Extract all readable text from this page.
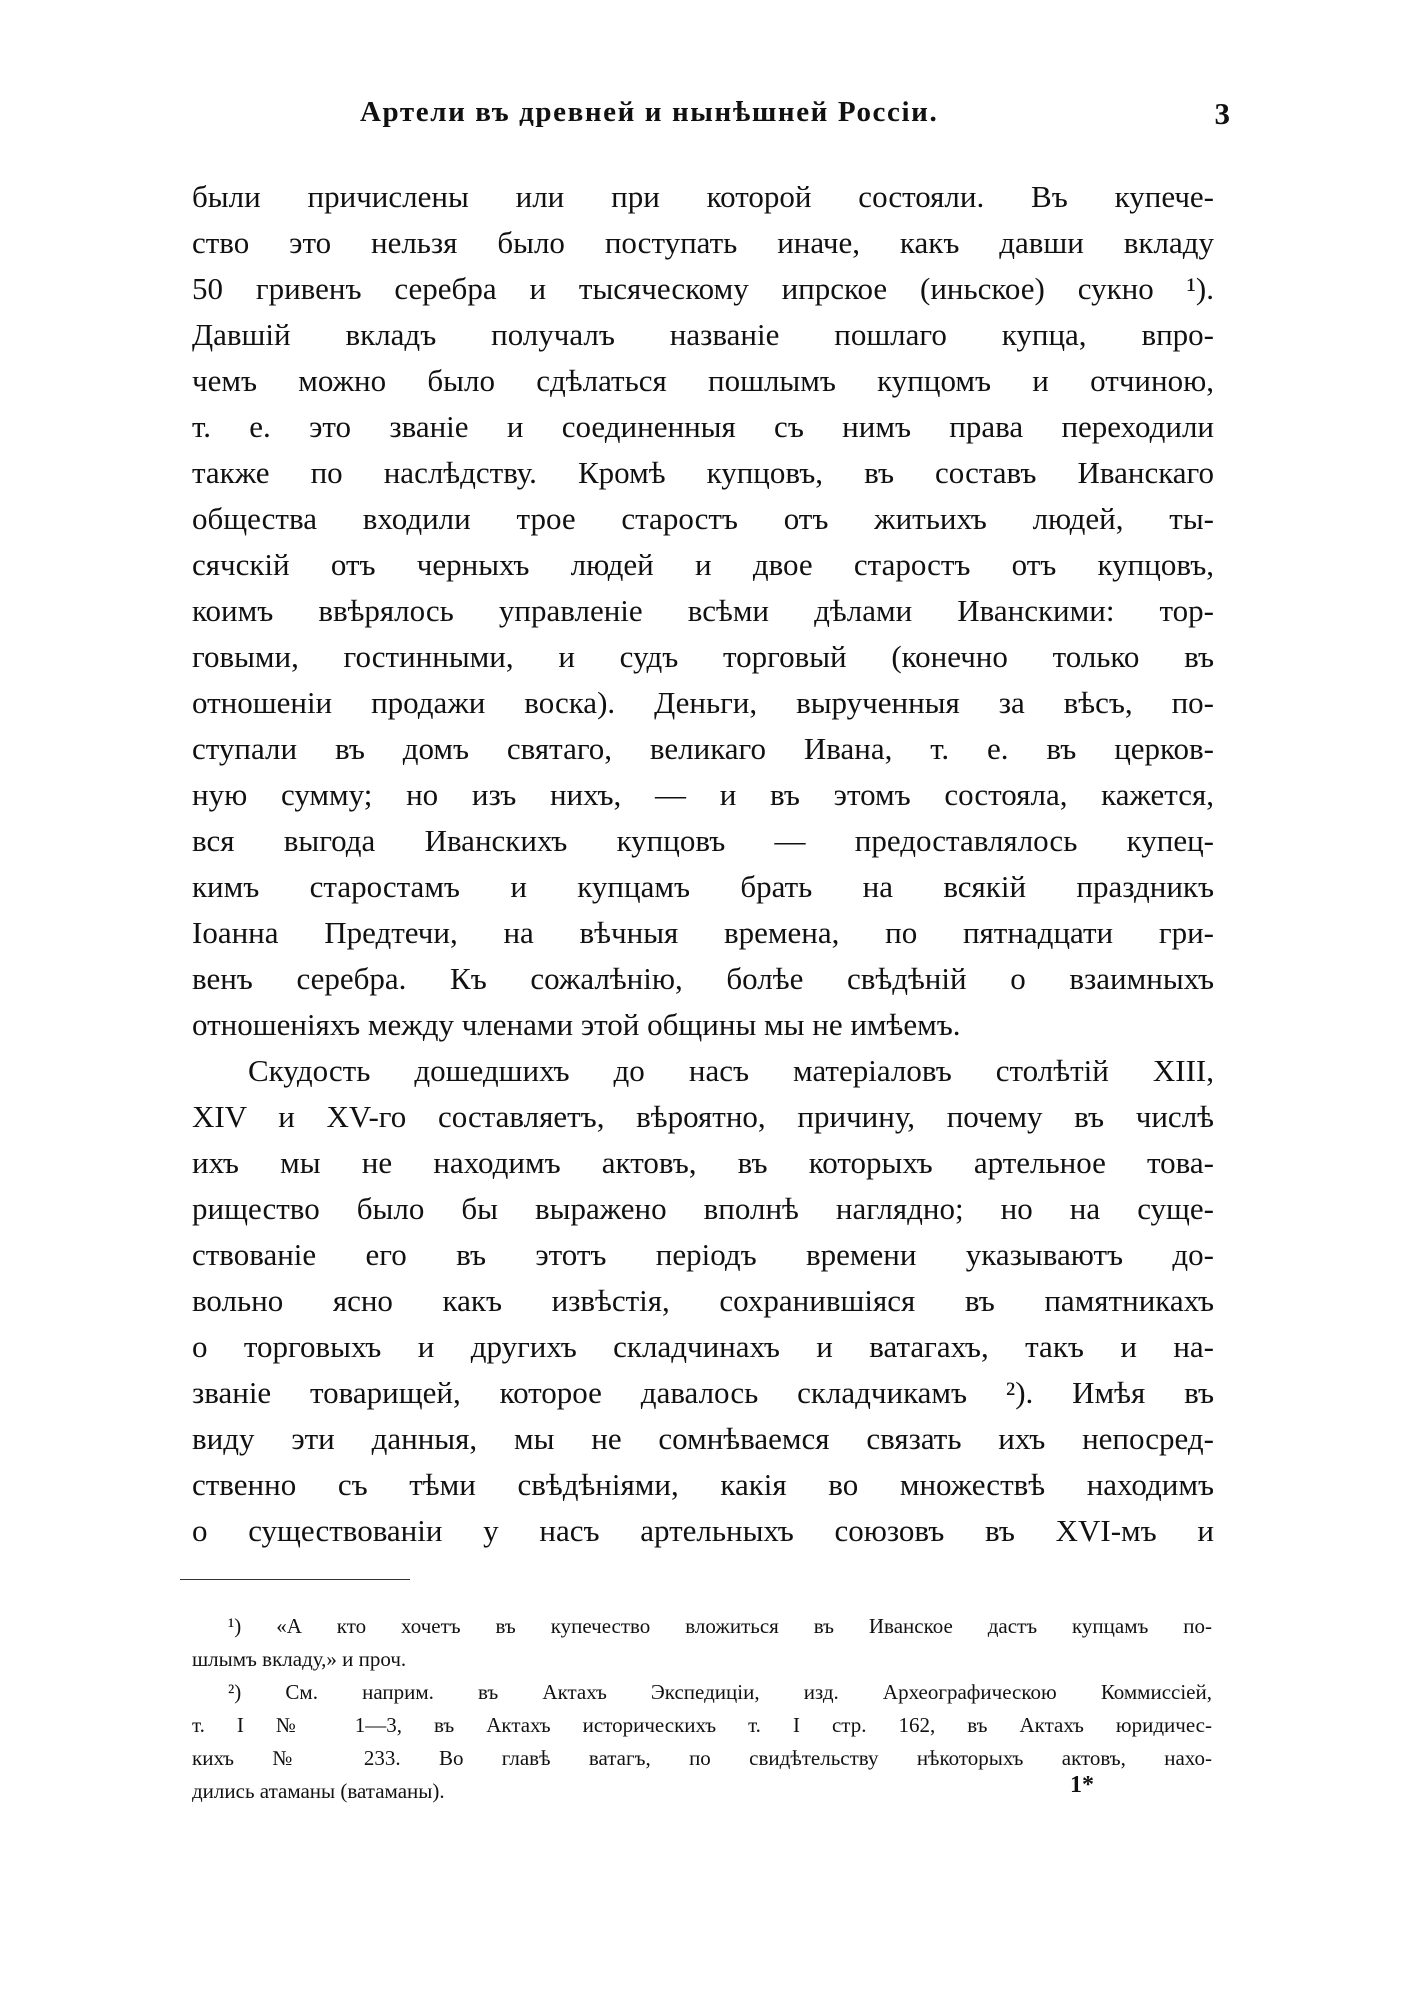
Артели въ древней и нынѣшней Россіи.	3
были причислены или при которой состояли. Въ купече-
ство это нельзя было поступать иначе, какъ давши вкладу
50 гривенъ серебра и тысяческому ипрское (иньское) сукно ¹).
Давшій вкладъ получалъ названіе пошлаго купца, впро-
чемъ можно было сдѣлаться пошлымъ купцомъ и отчиною,
т. е. это званіе и соединенныя съ нимъ права переходили
также по наслѣдству. Кромѣ купцовъ, въ составъ Иванскаго
общества входили трое старостъ отъ житьихъ людей, ты-
сячскій отъ черныхъ людей и двое старостъ отъ купцовъ,
коимъ ввѣрялось управленіе всѣми дѣлами Иванскими: тор-
говыми, гостинными, и судъ торговый (конечно только въ
отношеніи продажи воска). Деньги, вырученныя за вѣсъ, по-
ступали въ домъ святаго, великаго Ивана, т. е. въ церков-
ную сумму; но изъ нихъ, — и въ этомъ состояла, кажется,
вся выгода Иванскихъ купцовъ — предоставлялось купец-
кимъ старостамъ и купцамъ брать на всякій праздникъ
Іоанна Предтечи, на вѣчныя времена, по пятнадцати гри-
венъ серебра. Къ сожалѣнію, болѣе свѣдѣній о взаимныхъ
отношеніяхъ между членами этой общины мы не имѣемъ.
Скудость дошедшихъ до насъ матеріаловъ столѣтій XIII,
XIV и XV-го составляетъ, вѣроятно, причину, почему въ числѣ
ихъ мы не находимъ актовъ, въ которыхъ артельное това-
рищество было бы выражено вполнѣ наглядно; но на суще-
ствованіе его въ этотъ періодъ времени указываютъ до-
вольно ясно какъ извѣстія, сохранившіяся въ памятникахъ
о торговыхъ и другихъ складчинахъ и ватагахъ, такъ и на-
званіе товарищей, которое давалось складчикамъ ²). Имѣя въ
виду эти данныя, мы не сомнѣваемся связать ихъ непосред-
ственно съ тѣми свѣдѣніями, какія во множествѣ находимъ
о существованіи у насъ артельныхъ союзовъ въ XVI-мъ и
¹) «А кто хочетъ въ купечество вложиться въ Иванское дастъ купцамъ по-
шлымъ вкладу,» и проч.
²) См. наприм. въ Актахъ Экспедиціи, изд. Археографическою Коммиссіей,
т. I № 1—3, въ Актахъ историческихъ т. I стр. 162, въ Актахъ юридичес-
кихъ № 233. Во главѣ ватагъ, по свидѣтельству нѣкоторыхъ актовъ, нахо-
дились атаманы (ватаманы).	1*
